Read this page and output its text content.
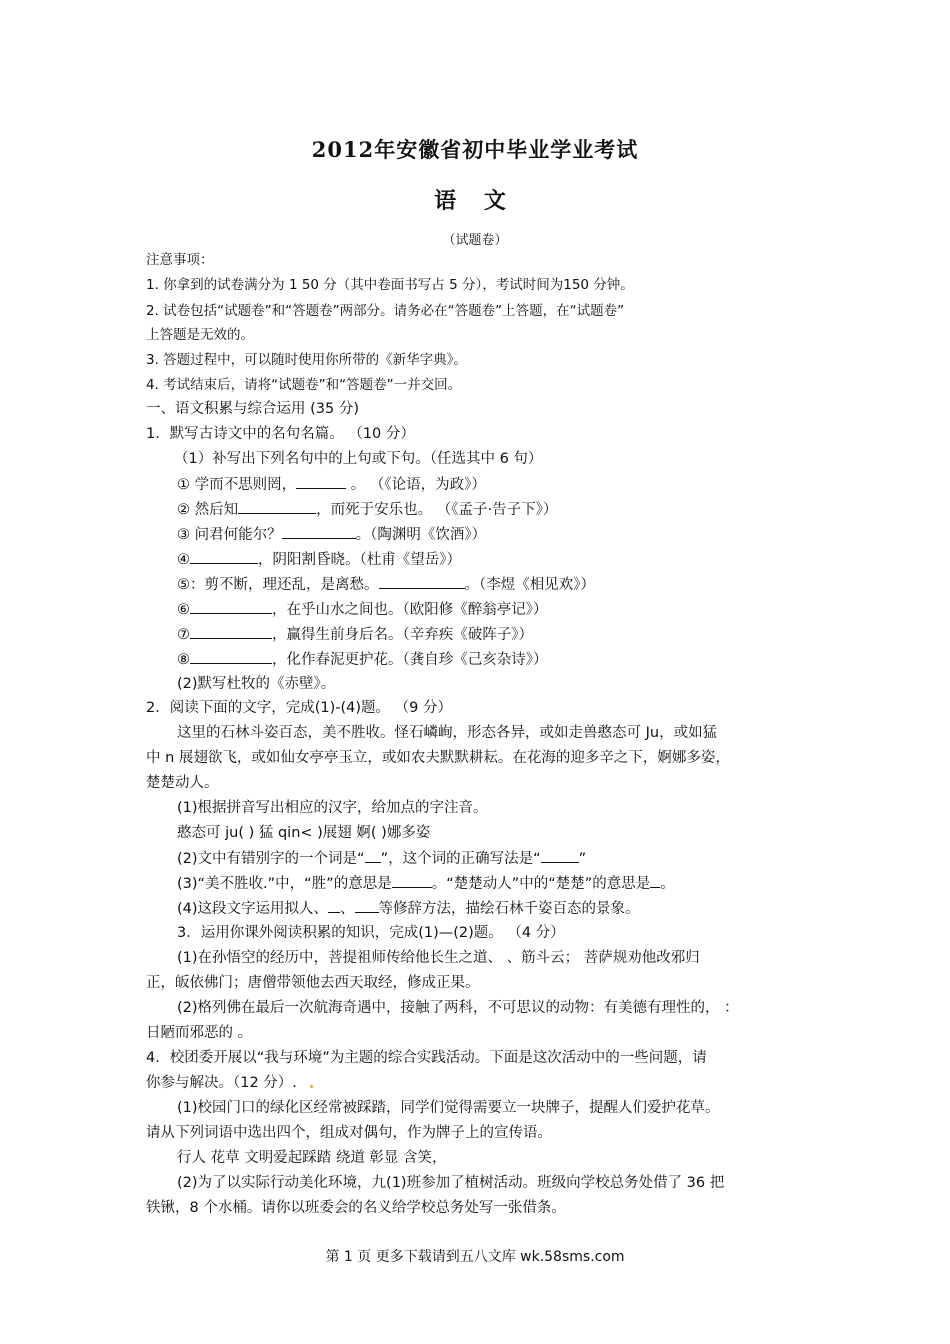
2012年安徽省初中毕业学业考试
语 文
（试题卷）
注意事项：
1. 你拿到的试卷满分为 1 50 分（其中卷面书写占 5 分），考试时间为150 分钟。
2. 试卷包括“试题卷”和“答题卷”两部分。请务必在“答题卷”上答题，在“试题卷”
上答题是无效的。
3. 答题过程中，可以随时使用你所带的《新华字典》。
4. 考试结束后，请将“试题卷”和“答题卷”一并交回。
一、语文积累与综合运用 (35 分)
1．默写古诗文中的名句名篇。 （10 分）
（1）补写出下列名句中的上句或下句。（任选其中 6 句）
① 学而不思则罔，	。 （《论语，为政》）
② 然后知	，而死于安乐也。 （《孟子·告子下》）
③ 问君何能尔？	。（陶渊明《饮酒》）
④	，阴阳割昏晓。（杜甫《望岳》）
⑤：剪不断，理还乱，是离愁。	。（李煜《相见欢》）
⑥	，在乎山水之间也。（欧阳修《醉翁亭记》）
⑦	，赢得生前身后名。（辛弃疾《破阵子》）
⑧	，化作春泥更护花。（龚自珍《己亥杂诗》）
(2)默写杜牧的《赤壁》。
2．阅读下面的文字，完成(1)-(4)题。 （9 分）
这里的石林斗姿百态，美不胜收。怪石嶙峋，形态各异，或如走兽憨态可 Ju，或如猛
中 n 展翅欲飞，或如仙女亭亭玉立，或如农夫默默耕耘。在花海的迎多辛之下，婀娜多姿，
楚楚动人。
(1)根据拼音写出相应的汉字，给加点的字注音。
憨态可 ju( ) 猛 qin< )展翅 婀( )娜多姿
(2)文中有错别字的一个词是“ ”，这个词的正确写法是“	”
(3)“美不胜收.”中，“胜”的意思是	。“楚楚动人”中的“楚楚”的意思是 。
(4)这段文字运用拟人、 、 等修辞方法，描绘石林千姿百态的景象。
3．运用你课外阅读积累的知识，完成(1)—(2)题。 （4 分）
(1)在孙悟空的经历中，菩提祖师传给他长生之道、 、筋斗云； 菩萨规劝他改邪归
正，皈依佛门；唐僧带领他去西天取经，修成正果。
(2)格列佛在最后一次航海奇遇中，接触了两科，不可思议的动物：有美德有理性的， ：
日陋而邪恶的 。
4．校团委开展以“我与环境”为主题的综合实践活动。下面是这次活动中的一些问题，请
你参与解决。（12 分）.
(1)校园门口的绿化区经常被踩踏，同学们觉得需要立一块牌子，提醒人们爱护花草。
请从下列词语中选出四个，组成对偶句，作为牌子上的宣传语。
行人 花草 文明爱起踩踏 绕道 彰显 含笑，
(2)为了以实际行动美化环境，九(1)班参加了植树活动。班级向学校总务处借了 36 把
铁锹，8 个水桶。请你以班委会的名义给学校总务处写一张借条。
第 1 页 更多下载请到五八文库 wk.58sms.com
